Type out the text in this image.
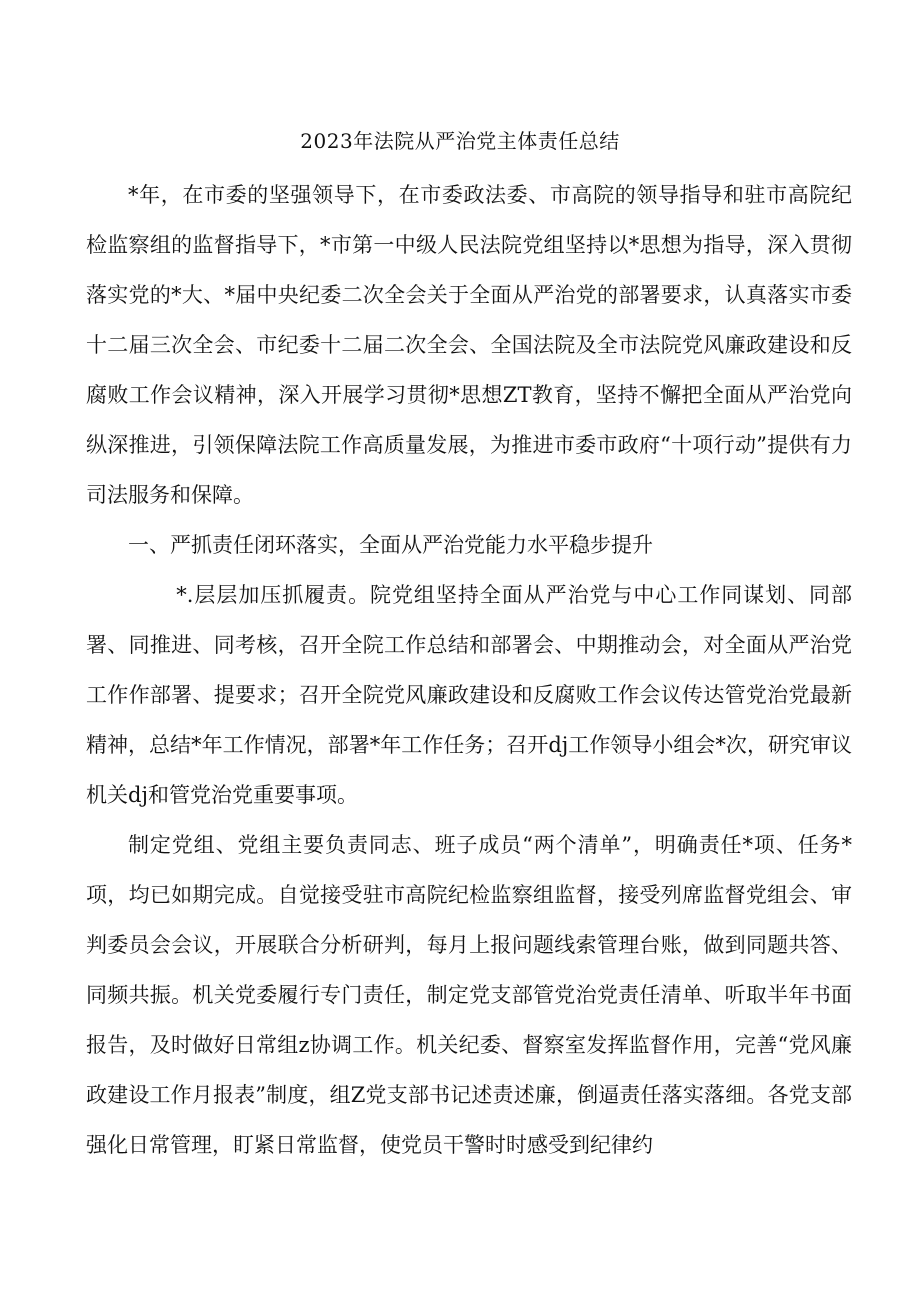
2023年法院从严治党主体责任总结
*年，在市委的坚强领导下，在市委政法委、市高院的领导指导和驻市高院纪检监察组的监督指导下，*市第一中级人民法院党组坚持以*思想为指导，深入贯彻落实党的*大、*届中央纪委二次全会关于全面从严治党的部署要求，认真落实市委十二届三次全会、市纪委十二届二次全会、全国法院及全市法院党风廉政建设和反腐败工作会议精神，深入开展学习贯彻*思想ZT教育，坚持不懈把全面从严治党向纵深推进，引领保障法院工作高质量发展，为推进市委市政府“十项行动”提供有力司法服务和保障。
一、严抓责任闭环落实，全面从严治党能力水平稳步提升
*.层层加压抓履责。院党组坚持全面从严治党与中心工作同谋划、同部署、同推进、同考核，召开全院工作总结和部署会、中期推动会，对全面从严治党工作作部署、提要求；召开全院党风廉政建设和反腐败工作会议传达管党治党最新精神，总结*年工作情况，部署*年工作任务；召开dj工作领导小组会*次，研究审议机关dj和管党治党重要事项。
制定党组、党组主要负责同志、班子成员“两个清单”，明确责任*项、任务*项，均已如期完成。自觉接受驻市高院纪检监察组监督，接受列席监督党组会、审判委员会会议，开展联合分析研判，每月上报问题线索管理台账，做到同题共答、同频共振。机关党委履行专门责任，制定党支部管党治党责任清单、听取半年书面报告，及时做好日常组z协调工作。机关纪委、督察室发挥监督作用，完善“党风廉政建设工作月报表”制度，组Z党支部书记述责述廉，倒逼责任落实落细。各党支部强化日常管理，盯紧日常监督，使党员干警时时感受到纪律约
